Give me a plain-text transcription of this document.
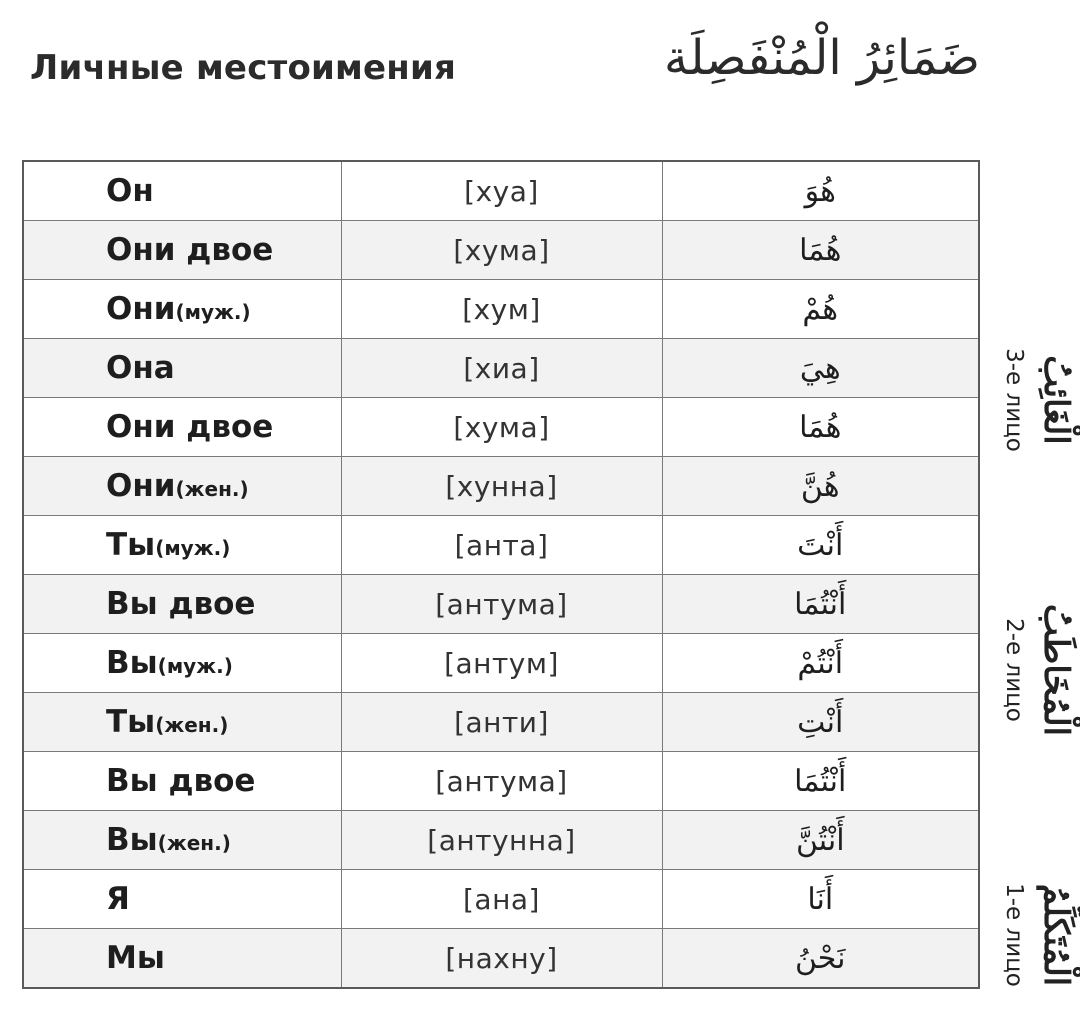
Личные местоимения	ضَمَائِرُ الْمُنْفَصِلَة
Он	[хуа]	هُوَ
Они двое	[хума]	هُمَا
Они(муж.)	[хум]	هُمْ
Она	[хиа]	هِيَ
Они двое	[хума]	هُمَا
Они(жен.)	[хунна]	هُنَّ
Ты(муж.)	[анта]	أَنْتَ
Вы двое	[антума]	أَنْتُمَا
Вы(муж.)	[антум]	أَنْتُمْ
Ты(жен.)	[анти]	أَنْتِ
Вы двое	[антума]	أَنْتُمَا
Вы(жен.)	[антунна]	أَنْتُنَّ
Я	[ана]	أَنَا
Мы	[нахну]	نَحْنُ
3-е лицо الْغَائِبُ
2-е лицо الْمُخَاطَبُ
1-е лицо الْمُتَكَلِّمُ
